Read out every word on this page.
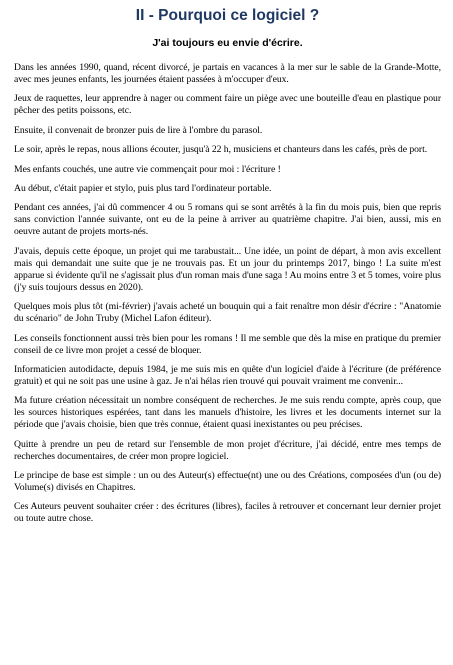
II - Pourquoi ce logiciel ?
J'ai toujours eu envie d'écrire.

Dans les années 1990, quand, récent divorcé, je partais en vacances à la mer sur le sable de la Grande-Motte, avec mes jeunes enfants, les journées étaient passées à m'occuper d'eux.

Jeux de raquettes, leur apprendre à nager ou comment faire un piège avec une bouteille d'eau en plastique pour pêcher des petits poissons, etc.

Ensuite, il convenait de bronzer puis de lire à l'ombre du parasol.

Le soir, après le repas, nous allions écouter, jusqu'à 22 h, musiciens et chanteurs dans les cafés, près de port.

Mes enfants couchés, une autre vie commençait pour moi : l'écriture !

Au début, c'était papier et stylo, puis plus tard l'ordinateur portable.

Pendant ces années, j'ai dû commencer 4 ou 5 romans qui se sont arrêtés à la fin du mois puis, bien que repris sans conviction l'année suivante, ont eu de la peine à arriver au quatrième chapitre. J'ai bien, aussi, mis en oeuvre autant de projets morts-nés.

J'avais, depuis cette époque, un projet qui me tarabustait... Une idée, un point de départ, à mon avis excellent mais qui demandait une suite que je ne trouvais pas. Et un jour du printemps 2017, bingo ! La suite m'est apparue si évidente qu'il ne s'agissait plus d'un roman mais d'une saga ! Au moins entre 3 et 5 tomes, voire plus (j'y suis toujours dessus en 2020).

Quelques mois plus tôt (mi-février) j'avais acheté un bouquin qui a fait renaître mon désir d'écrire : "Anatomie du scénario" de John Truby (Michel Lafon éditeur).

Les conseils fonctionnent aussi très bien pour les romans ! Il me semble que dès la mise en pratique du premier conseil de ce livre mon projet a cessé de bloquer.

Informaticien autodidacte, depuis 1984, je me suis mis en quête d'un logiciel d'aide à l'écriture (de préférence gratuit) et qui ne soit pas une usine à gaz. Je n'ai hélas rien trouvé qui pouvait vraiment me convenir...

Ma future création nécessitait un nombre conséquent de recherches. Je me suis rendu compte, après coup, que les sources historiques espérées, tant dans les manuels d'histoire, les livres et les documents internet sur la période que j'avais choisie, bien que très connue, étaient quasi inexistantes ou peu précises.

Quitte à prendre un peu de retard sur l'ensemble de mon projet d'écriture, j'ai décidé, entre mes temps de recherches documentaires, de créer mon propre logiciel.

Le principe de base est simple : un ou des Auteur(s) effectue(nt) une ou des Créations, composées d'un (ou de) Volume(s) divisés en Chapitres.

Ces Auteurs peuvent souhaiter créer : des écritures (libres), faciles à retrouver et concernant leur dernier projet ou toute autre chose.
